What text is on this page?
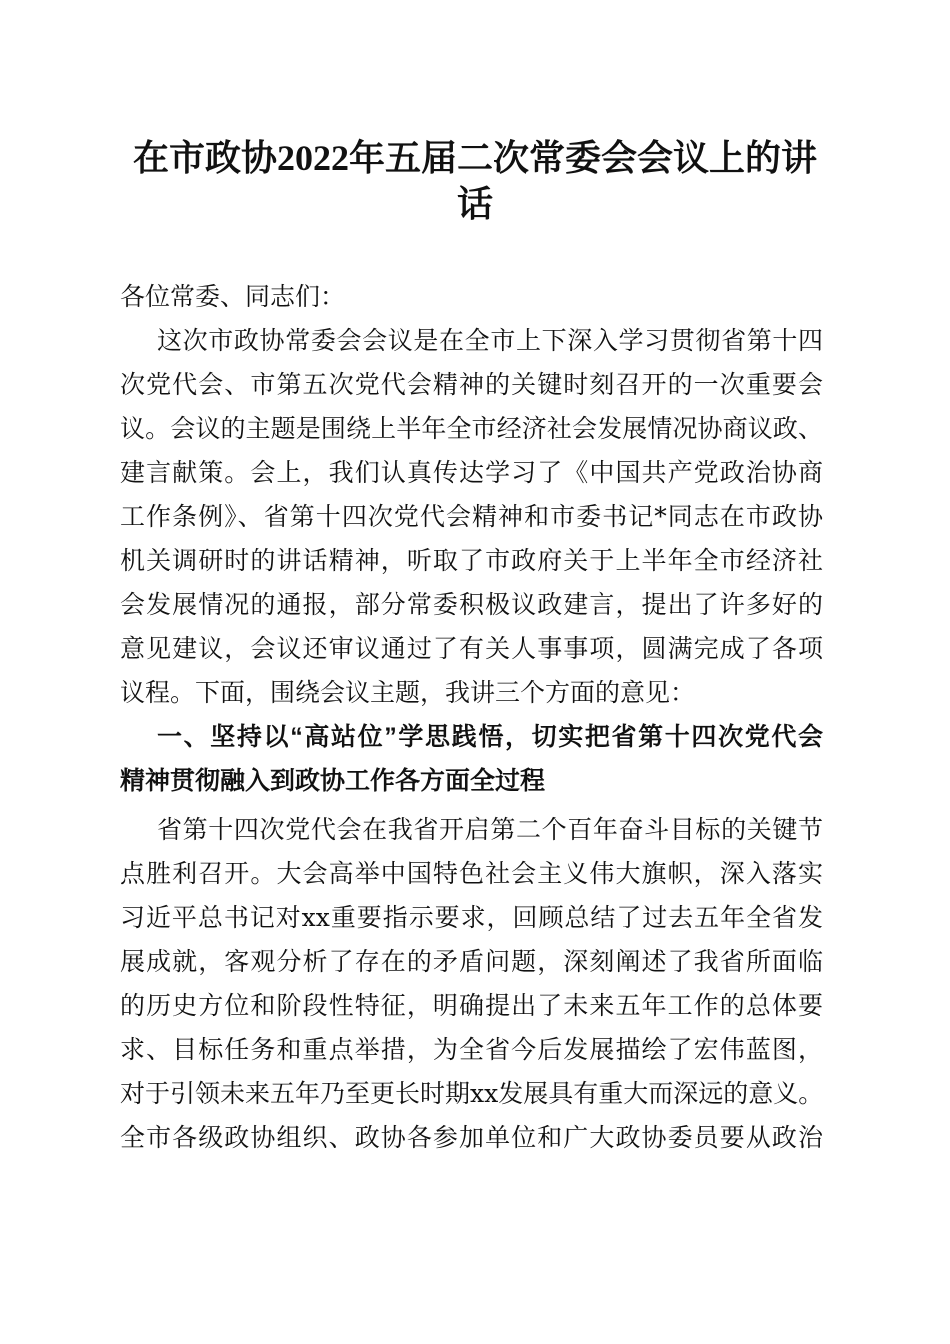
在市政协2022年五届二次常委会会议上的讲
话
各位常委、同志们：
这次市政协常委会会议是在全市上下深入学习贯彻省第十四
次党代会、市第五次党代会精神的关键时刻召开的一次重要会
议。会议的主题是围绕上半年全市经济社会发展情况协商议政、
建言献策。会上，我们认真传达学习了《中国共产党政治协商
工作条例》、省第十四次党代会精神和市委书记*同志在市政协
机关调研时的讲话精神，听取了市政府关于上半年全市经济社
会发展情况的通报，部分常委积极议政建言，提出了许多好的
意见建议，会议还审议通过了有关人事事项，圆满完成了各项
议程。下面，围绕会议主题，我讲三个方面的意见：
一、坚持以“高站位”学思践悟，切实把省第十四次党代会
精神贯彻融入到政协工作各方面全过程
省第十四次党代会在我省开启第二个百年奋斗目标的关键节
点胜利召开。大会高举中国特色社会主义伟大旗帜，深入落实
习近平总书记对xx重要指示要求，回顾总结了过去五年全省发
展成就，客观分析了存在的矛盾问题，深刻阐述了我省所面临
的历史方位和阶段性特征，明确提出了未来五年工作的总体要
求、目标任务和重点举措，为全省今后发展描绘了宏伟蓝图，
对于引领未来五年乃至更长时期xx发展具有重大而深远的意义。
全市各级政协组织、政协各参加单位和广大政协委员要从政治
